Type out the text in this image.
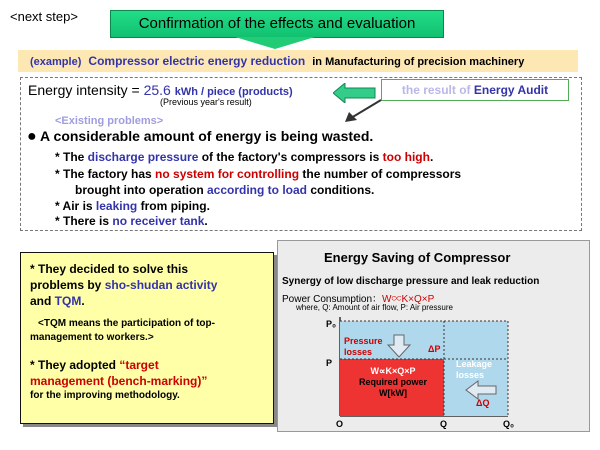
<next step>	Confirmation of the effects and evaluation
(example) Compressor electric energy reduction in Manufacturing of precision machinery
Energy intensity = 25.6 kWh / piece (products)
(Previous year's result)
the result of Energy Audit
<Existing problems>
● A considerable amount of energy is being wasted.
* The discharge pressure of the factory's compressors is too high.
* The factory has no system for controlling the number of compressors
brought into operation according to load conditions.
* Air is leaking from piping.
* There is no receiver tank.
* They decided to solve this
problems by sho-shudan activity
and TQM.
<TQM means the participation of top-
management to workers.>
* They adopted “target
management (bench-marking)”
for the improving methodology.
Energy Saving of Compressor
Synergy of low discharge pressure and leak reduction
Power Consumption：W∝K×Q×P
where, Q: Amount of air flow, P: Air pressure
P₀
P
O	Q	Q₀
Pressure losses	ΔP
Leakage losses
ΔQ
W∝K×Q×P
Required power
W[kW]
